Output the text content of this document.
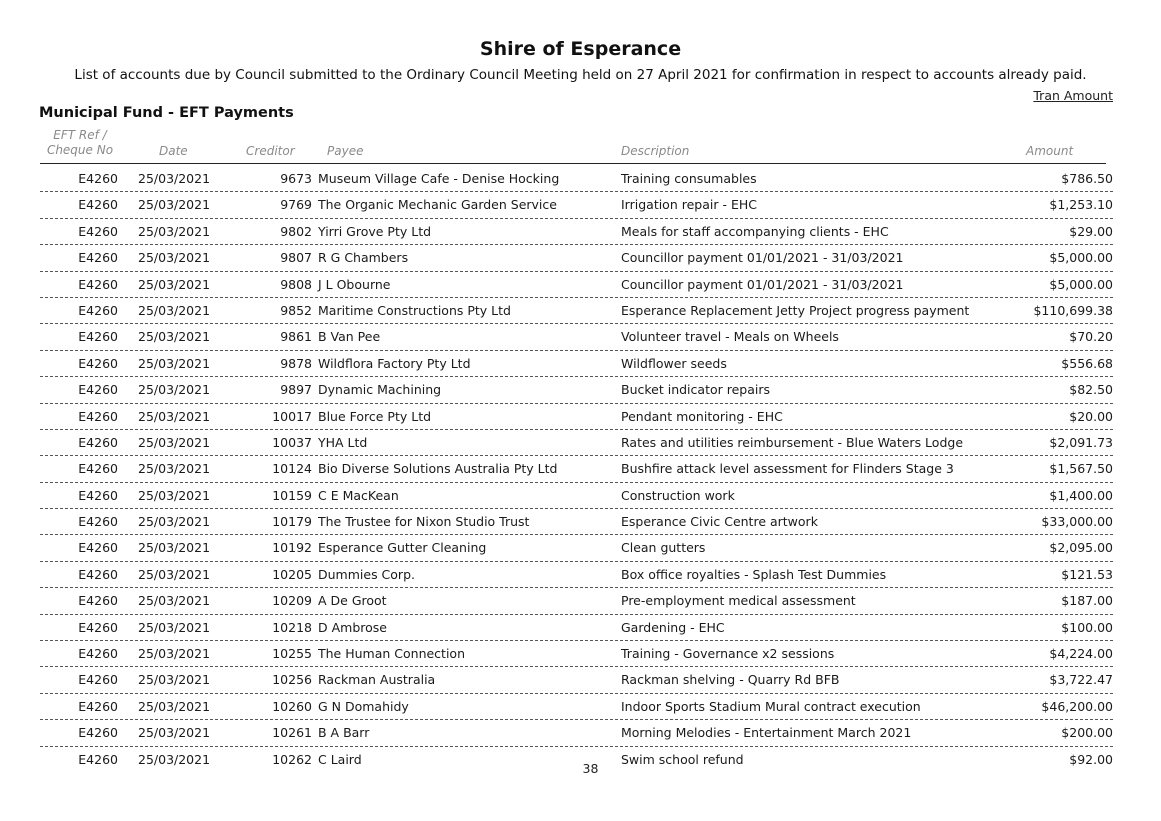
Shire of Esperance
List of accounts due by Council submitted to the Ordinary Council Meeting held on 27 April 2021 for confirmation in respect to accounts already paid.
Tran Amount
Municipal Fund - EFT Payments
EFT Ref /
Cheque No	Date	Creditor	Payee	Description	Amount
E4260 25/03/2021	9673 Museum Village Cafe - Denise Hocking	Training consumables	$786.50
E4260 25/03/2021	9769 The Organic Mechanic Garden Service	Irrigation repair - EHC	$1,253.10
E4260 25/03/2021	9802 Yirri Grove Pty Ltd	Meals for staff accompanying clients - EHC	$29.00
E4260 25/03/2021	9807 R G Chambers	Councillor payment 01/01/2021 - 31/03/2021	$5,000.00
E4260 25/03/2021	9808 J L Obourne	Councillor payment 01/01/2021 - 31/03/2021	$5,000.00
E4260 25/03/2021	9852 Maritime Constructions Pty Ltd	Esperance Replacement Jetty Project progress payment	$110,699.38
E4260 25/03/2021	9861 B Van Pee	Volunteer travel - Meals on Wheels	$70.20
E4260 25/03/2021	9878 Wildflora Factory Pty Ltd	Wildflower seeds	$556.68
E4260 25/03/2021	9897 Dynamic Machining	Bucket indicator repairs	$82.50
E4260 25/03/2021	10017 Blue Force Pty Ltd	Pendant monitoring - EHC	$20.00
E4260 25/03/2021	10037 YHA Ltd	Rates and utilities reimbursement - Blue Waters Lodge	$2,091.73
E4260 25/03/2021	10124 Bio Diverse Solutions Australia Pty Ltd	Bushfire attack level assessment for Flinders Stage 3	$1,567.50
E4260 25/03/2021	10159 C E MacKean	Construction work	$1,400.00
E4260 25/03/2021	10179 The Trustee for Nixon Studio Trust	Esperance Civic Centre artwork	$33,000.00
E4260 25/03/2021	10192 Esperance Gutter Cleaning	Clean gutters	$2,095.00
E4260 25/03/2021	10205 Dummies Corp.	Box office royalties - Splash Test Dummies	$121.53
E4260 25/03/2021	10209 A De Groot	Pre-employment medical assessment	$187.00
E4260 25/03/2021	10218 D Ambrose	Gardening - EHC	$100.00
E4260 25/03/2021	10255 The Human Connection	Training - Governance x2 sessions	$4,224.00
E4260 25/03/2021	10256 Rackman Australia	Rackman shelving - Quarry Rd BFB	$3,722.47
E4260 25/03/2021	10260 G N Domahidy	Indoor Sports Stadium Mural contract execution	$46,200.00
E4260 25/03/2021	10261 B A Barr	Morning Melodies - Entertainment March 2021	$200.00
E4260 25/03/2021	10262 C Laird	Swim school refund	$92.00
38
